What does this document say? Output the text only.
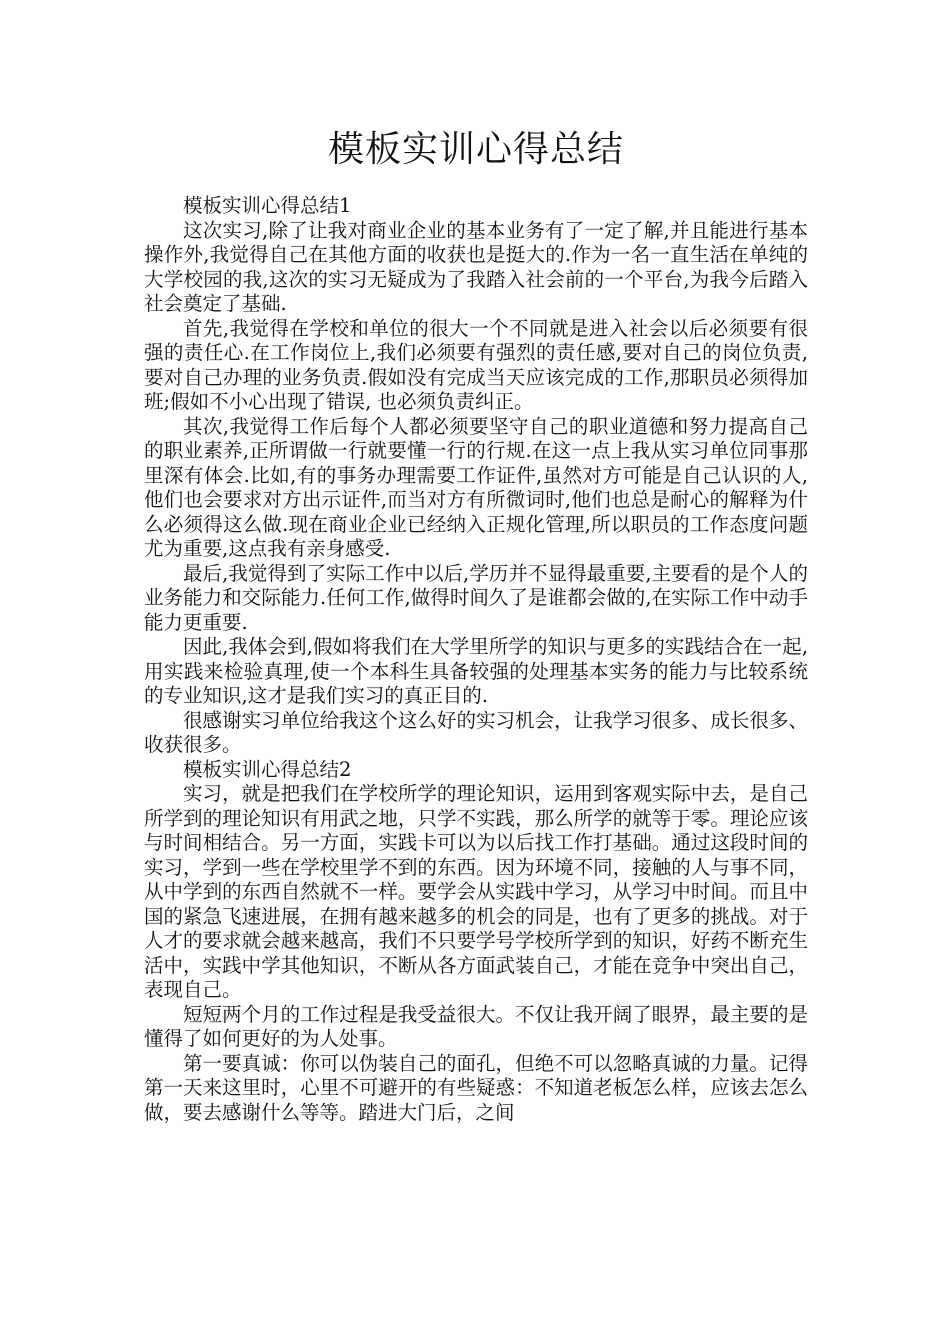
模板实训心得总结

模板实训心得总结1

这次实习,除了让我对商业企业的基本业务有了一定了解,并且能进行基本操作外,我觉得自己在其他方面的收获也是挺大的.作为一名一直生活在单纯的大学校园的我,这次的实习无疑成为了我踏入社会前的一个平台,为我今后踏入社会奠定了基础.

首先,我觉得在学校和单位的很大一个不同就是进入社会以后必须要有很强的责任心.在工作岗位上,我们必须要有强烈的责任感,要对自己的岗位负责,要对自己办理的业务负责.假如没有完成当天应该完成的工作,那职员必须得加班;假如不小心出现了错误, 也必须负责纠正。

其次,我觉得工作后每个人都必须要坚守自己的职业道德和努力提高自己的职业素养,正所谓做一行就要懂一行的行规.在这一点上我从实习单位同事那里深有体会.比如,有的事务办理需要工作证件,虽然对方可能是自己认识的人,他们也会要求对方出示证件,而当对方有所微词时,他们也总是耐心的解释为什么必须得这么做.现在商业企业已经纳入正规化管理,所以职员的工作态度问题尤为重要,这点我有亲身感受.

最后,我觉得到了实际工作中以后,学历并不显得最重要,主要看的是个人的业务能力和交际能力.任何工作,做得时间久了是谁都会做的,在实际工作中动手能力更重要.

因此,我体会到,假如将我们在大学里所学的知识与更多的实践结合在一起,用实践来检验真理,使一个本科生具备较强的处理基本实务的能力与比较系统的专业知识,这才是我们实习的真正目的.

很感谢实习单位给我这个这么好的实习机会，让我学习很多、成长很多、收获很多。

模板实训心得总结2

实习，就是把我们在学校所学的理论知识，运用到客观实际中去，是自己所学到的理论知识有用武之地，只学不实践，那么所学的就等于零。理论应该与时间相结合。另一方面，实践卡可以为以后找工作打基础。通过这段时间的实习，学到一些在学校里学不到的东西。因为环境不同，接触的人与事不同，从中学到的东西自然就不一样。要学会从实践中学习，从学习中时间。而且中国的紧急飞速进展，在拥有越来越多的机会的同是，也有了更多的挑战。对于人才的要求就会越来越高，我们不只要学号学校所学到的知识，好药不断充生活中，实践中学其他知识，不断从各方面武装自己，才能在竞争中突出自己，表现自己。

短短两个月的工作过程是我受益很大。不仅让我开阔了眼界，最主要的是懂得了如何更好的为人处事。

第一要真诚：你可以伪装自己的面孔，但绝不可以忽略真诚的力量。记得第一天来这里时，心里不可避开的有些疑惑：不知道老板怎么样，应该去怎么做，要去感谢什么等等。踏进大门后，之间
